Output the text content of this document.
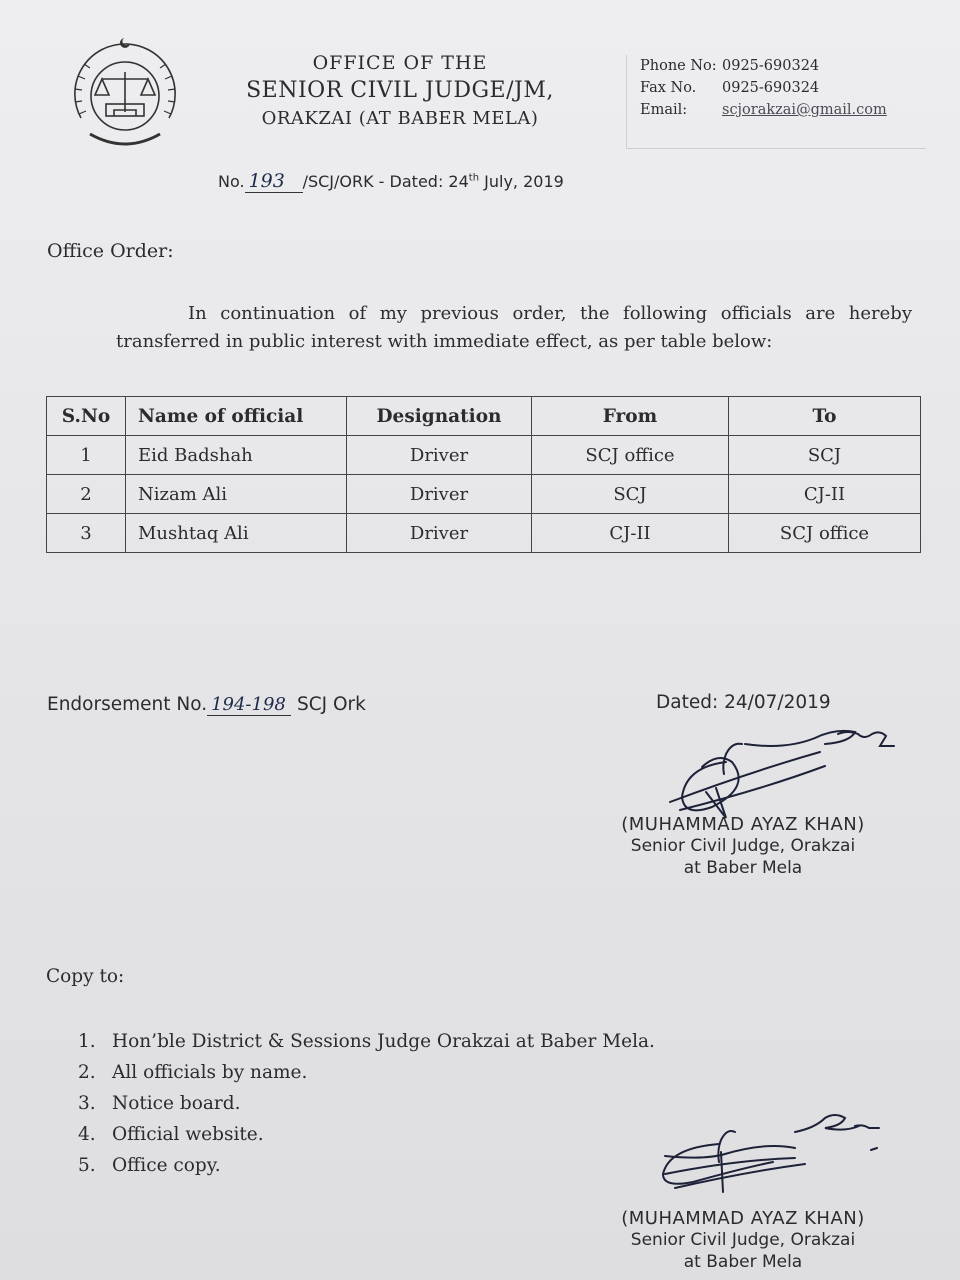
OFFICE OF THE
SENIOR CIVIL JUDGE/JM,
ORAKZAI (AT BABER MELA)
Phone No: 0925-690324
Fax No. 0925-690324
Email: scjorakzai@gmail.com
No. 193 /SCJ/ORK - Dated: 24th July, 2019
Office Order:
In continuation of my previous order, the following officials are hereby transferred in public interest with immediate effect, as per table below:
S.No	Name of official	Designation	From	To
1	Eid Badshah	Driver	SCJ office	SCJ
2	Nizam Ali	Driver	SCJ	CJ-II
3	Mushtaq Ali	Driver	CJ-II	SCJ office
Endorsement No. 194-198 SCJ Ork	Dated: 24/07/2019
(MUHAMMAD AYAZ KHAN)
Senior Civil Judge, Orakzai
at Baber Mela
Copy to:
1. Hon’ble District & Sessions Judge Orakzai at Baber Mela.
2. All officials by name.
3. Notice board.
4. Official website.
5. Office copy.
(MUHAMMAD AYAZ KHAN)
Senior Civil Judge, Orakzai
at Baber Mela
